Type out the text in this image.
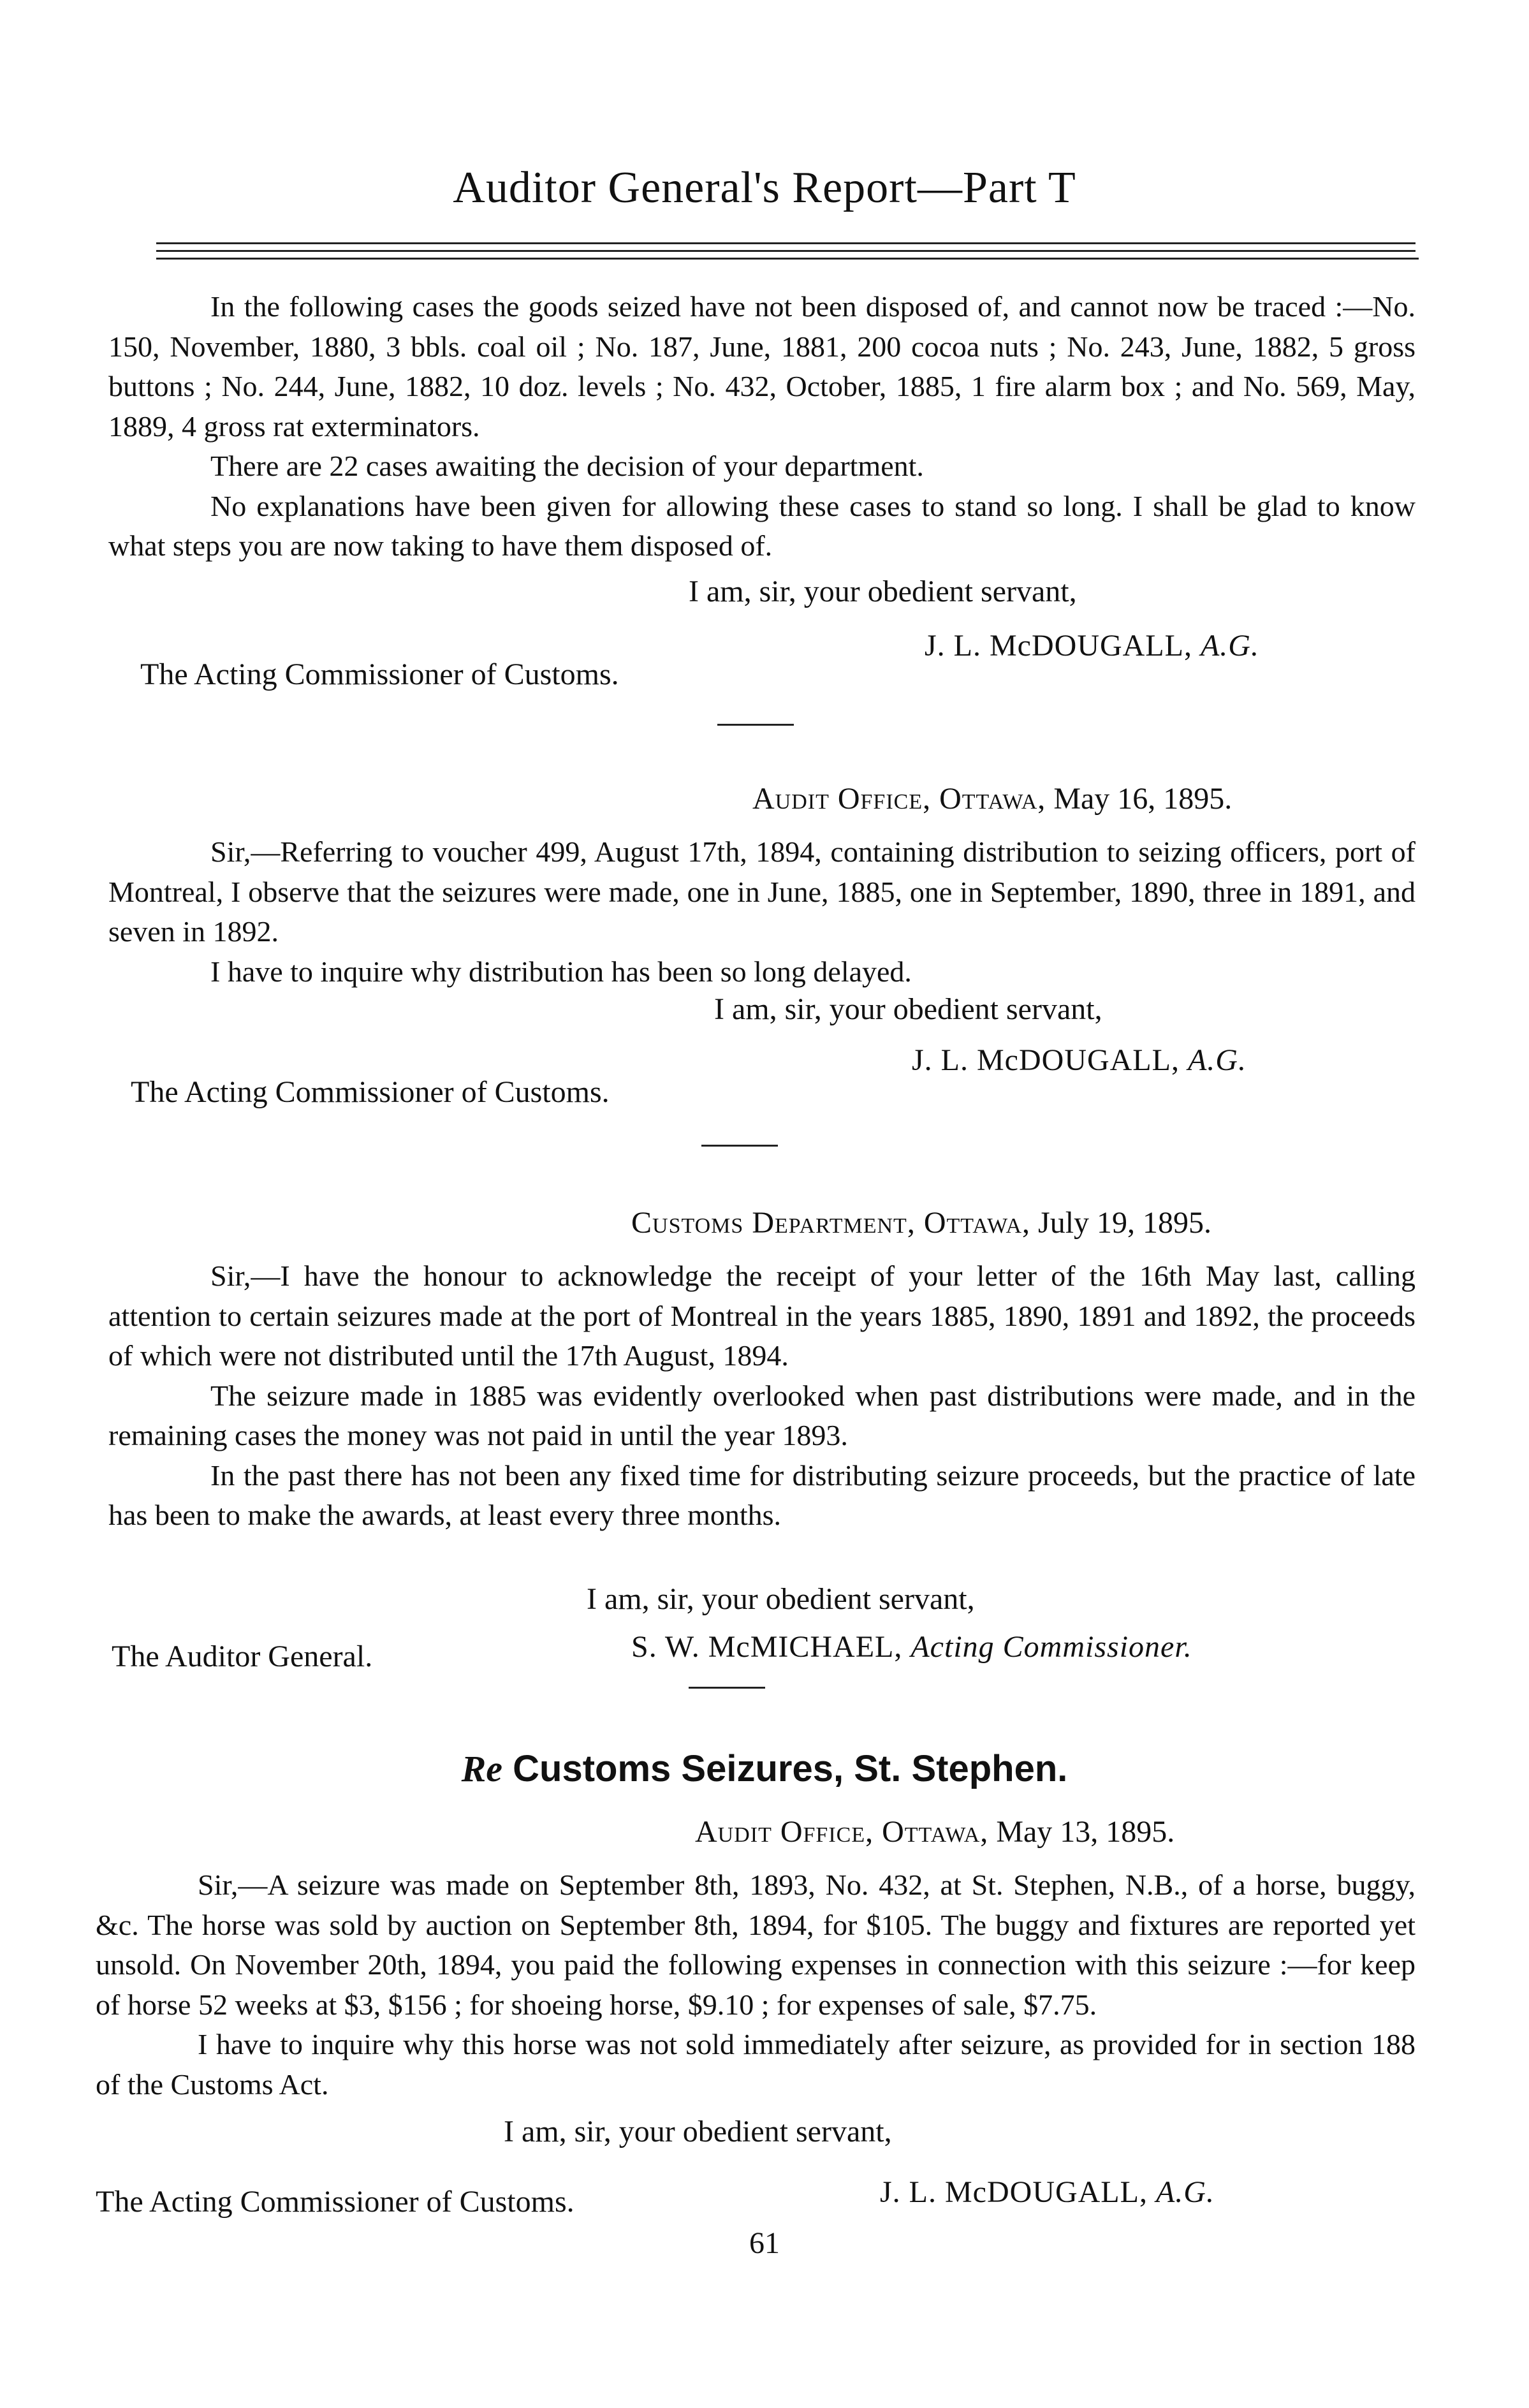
Auditor General's Report—Part T

In the following cases the goods seized have not been disposed of, and cannot now be traced :—No. 150, November, 1880, 3 bbls. coal oil ; No. 187, June, 1881, 200 cocoa nuts ; No. 243, June, 1882, 5 gross buttons ; No. 244, June, 1882, 10 doz. levels ; No. 432, October, 1885, 1 fire alarm box ; and No. 569, May, 1889, 4 gross rat exterminators.

There are 22 cases awaiting the decision of your department.

No explanations have been given for allowing these cases to stand so long. I shall be glad to know what steps you are now taking to have them disposed of.

I am, sir, your obedient servant,
J. L. McDOUGALL, A.G.
The Acting Commissioner of Customs.
Audit Office, Ottawa, May 16, 1895.

Sir,—Referring to voucher 499, August 17th, 1894, containing distribution to seizing officers, port of Montreal, I observe that the seizures were made, one in June, 1885, one in September, 1890, three in 1891, and seven in 1892.

I have to inquire why distribution has been so long delayed.

I am, sir, your obedient servant,
J. L. McDOUGALL, A.G.
The Acting Commissioner of Customs.
Customs Department, Ottawa, July 19, 1895.

Sir,—I have the honour to acknowledge the receipt of your letter of the 16th May last, calling attention to certain seizures made at the port of Montreal in the years 1885, 1890, 1891 and 1892, the proceeds of which were not distributed until the 17th August, 1894.

The seizure made in 1885 was evidently overlooked when past distributions were made, and in the remaining cases the money was not paid in until the year 1893.

In the past there has not been any fixed time for distributing seizure proceeds, but the practice of late has been to make the awards, at least every three months.

I am, sir, your obedient servant,
S. W. McMICHAEL, Acting Commissioner.
The Auditor General.
Re Customs Seizures, St. Stephen.
Audit Office, Ottawa, May 13, 1895.

Sir,—A seizure was made on September 8th, 1893, No. 432, at St. Stephen, N.B., of a horse, buggy, &c. The horse was sold by auction on September 8th, 1894, for $105. The buggy and fixtures are reported yet unsold. On November 20th, 1894, you paid the following expenses in connection with this seizure :—for keep of horse 52 weeks at $3, $156 ; for shoeing horse, $9.10 ; for expenses of sale, $7.75.

I have to inquire why this horse was not sold immediately after seizure, as provided for in section 188 of the Customs Act.

I am, sir, your obedient servant,
J. L. McDOUGALL, A.G.
The Acting Commissioner of Customs.
61
